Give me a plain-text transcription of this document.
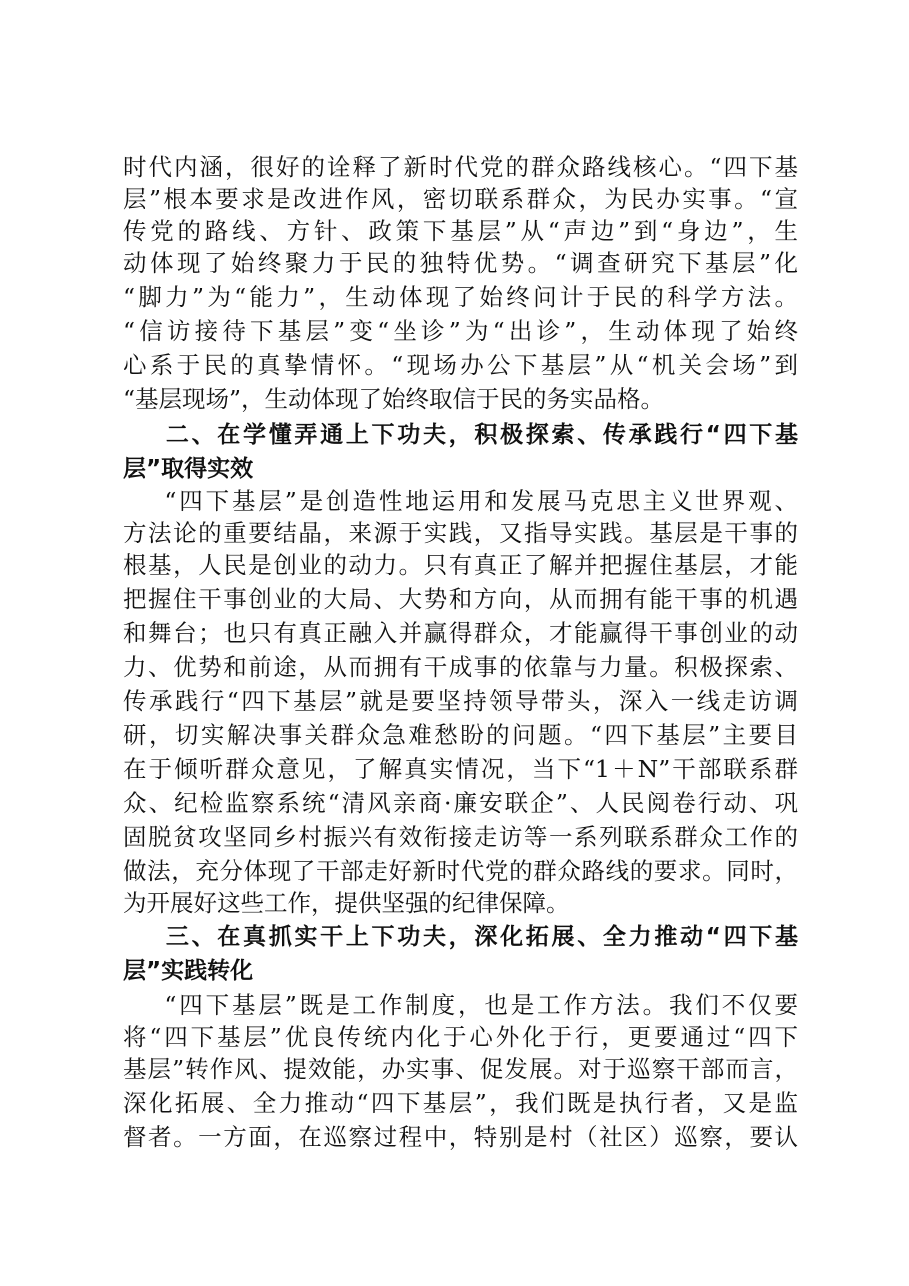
时代内涵，很好的诠释了新时代党的群众路线核心。“四下基
层”根本要求是改进作风，密切联系群众，为民办实事。“宣
传党的路线、方针、政策下基层”从“声边”到“身边”，生
动体现了始终聚力于民的独特优势。“调查研究下基层”化
“脚力”为“能力”，生动体现了始终问计于民的科学方法。
“信访接待下基层”变“坐诊”为“出诊”，生动体现了始终
心系于民的真挚情怀。“现场办公下基层”从“机关会场”到
“基层现场”，生动体现了始终取信于民的务实品格。
二、在学懂弄通上下功夫，积极探索、传承践行“四下基
层”取得实效
“四下基层”是创造性地运用和发展马克思主义世界观、
方法论的重要结晶，来源于实践，又指导实践。基层是干事的
根基，人民是创业的动力。只有真正了解并把握住基层，才能
把握住干事创业的大局、大势和方向，从而拥有能干事的机遇
和舞台；也只有真正融入并赢得群众，才能赢得干事创业的动
力、优势和前途，从而拥有干成事的依靠与力量。积极探索、
传承践行“四下基层”就是要坚持领导带头，深入一线走访调
研，切实解决事关群众急难愁盼的问题。“四下基层”主要目
在于倾听群众意见，了解真实情况，当下“1＋N”干部联系群
众、纪检监察系统“清风亲商·廉安联企”、人民阅卷行动、巩
固脱贫攻坚同乡村振兴有效衔接走访等一系列联系群众工作的
做法，充分体现了干部走好新时代党的群众路线的要求。同时，
为开展好这些工作，提供坚强的纪律保障。
三、在真抓实干上下功夫，深化拓展、全力推动“四下基
层”实践转化
“四下基层”既是工作制度，也是工作方法。我们不仅要
将“四下基层”优良传统内化于心外化于行，更要通过“四下
基层”转作风、提效能，办实事、促发展。对于巡察干部而言，
深化拓展、全力推动“四下基层”，我们既是执行者，又是监
督者。一方面，在巡察过程中，特别是村（社区）巡察，要认
